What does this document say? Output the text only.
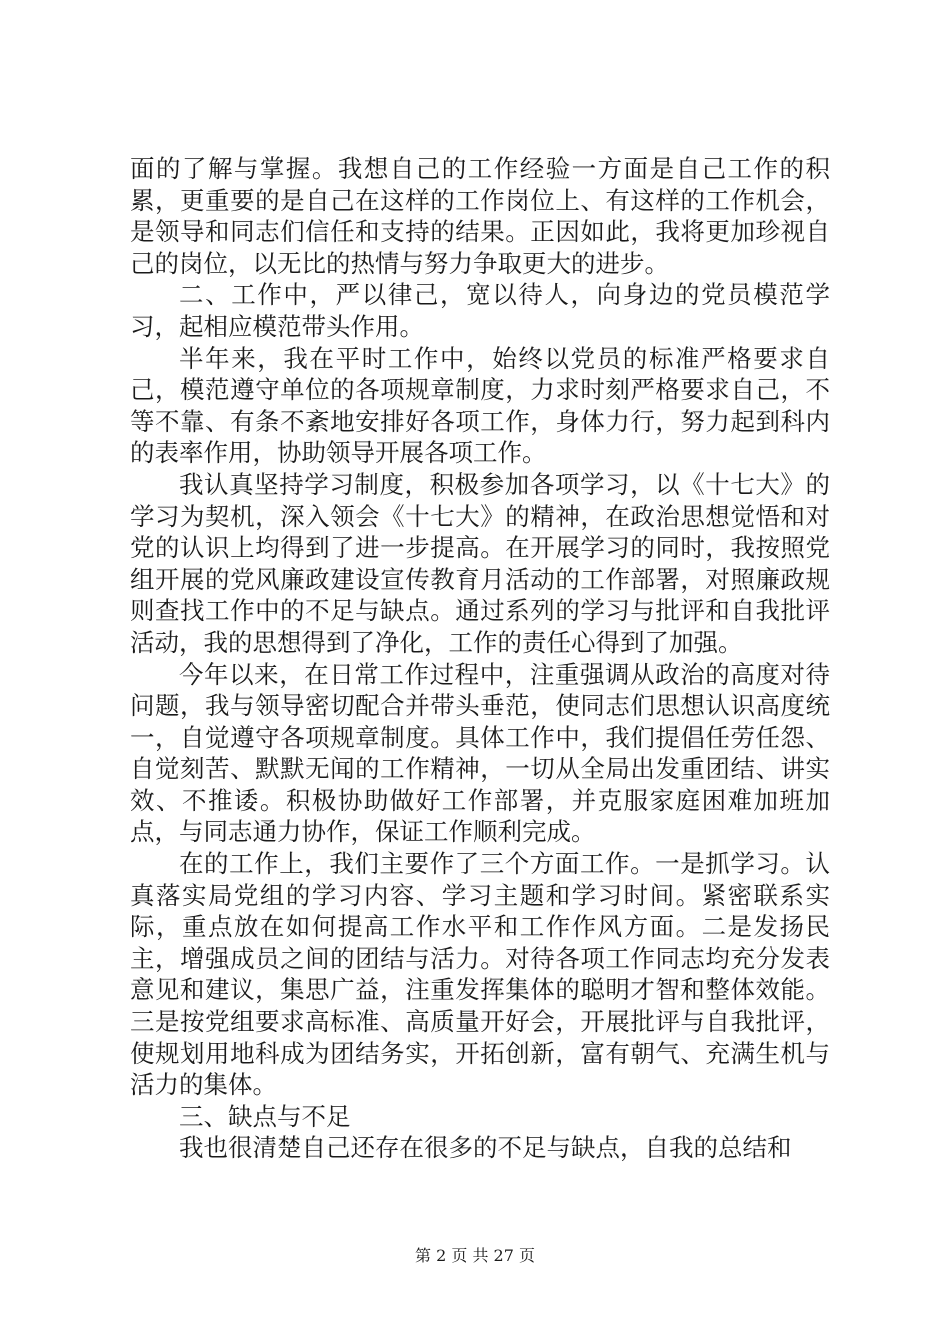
面的了解与掌握。我想自己的工作经验一方面是自己工作的积累，更重要的是自己在这样的工作岗位上、有这样的工作机会，是领导和同志们信任和支持的结果。正因如此，我将更加珍视自己的岗位，以无比的热情与努力争取更大的进步。

二、工作中，严以律己，宽以待人，向身边的党员模范学习，起相应模范带头作用。

半年来，我在平时工作中，始终以党员的标准严格要求自己，模范遵守单位的各项规章制度，力求时刻严格要求自己，不等不靠、有条不紊地安排好各项工作，身体力行，努力起到科内的表率作用，协助领导开展各项工作。

我认真坚持学习制度，积极参加各项学习，以《十七大》的学习为契机，深入领会《十七大》的精神，在政治思想觉悟和对党的认识上均得到了进一步提高。在开展学习的同时，我按照党组开展的党风廉政建设宣传教育月活动的工作部署，对照廉政规则查找工作中的不足与缺点。通过系列的学习与批评和自我批评活动，我的思想得到了净化，工作的责任心得到了加强。

今年以来，在日常工作过程中，注重强调从政治的高度对待问题，我与领导密切配合并带头垂范，使同志们思想认识高度统一，自觉遵守各项规章制度。具体工作中，我们提倡任劳任怨、自觉刻苦、默默无闻的工作精神，一切从全局出发重团结、讲实效、不推诿。积极协助做好工作部署，并克服家庭困难加班加点，与同志通力协作，保证工作顺利完成。

在的工作上，我们主要作了三个方面工作。一是抓学习。认真落实局党组的学习内容、学习主题和学习时间。紧密联系实际，重点放在如何提高工作水平和工作作风方面。二是发扬民主，增强成员之间的团结与活力。对待各项工作同志均充分发表意见和建议，集思广益，注重发挥集体的聪明才智和整体效能。三是按党组要求高标准、高质量开好会，开展批评与自我批评，使规划用地科成为团结务实，开拓创新，富有朝气、充满生机与活力的集体。

三、缺点与不足

我也很清楚自己还存在很多的不足与缺点，自我的总结和

第 2 页 共 27 页
